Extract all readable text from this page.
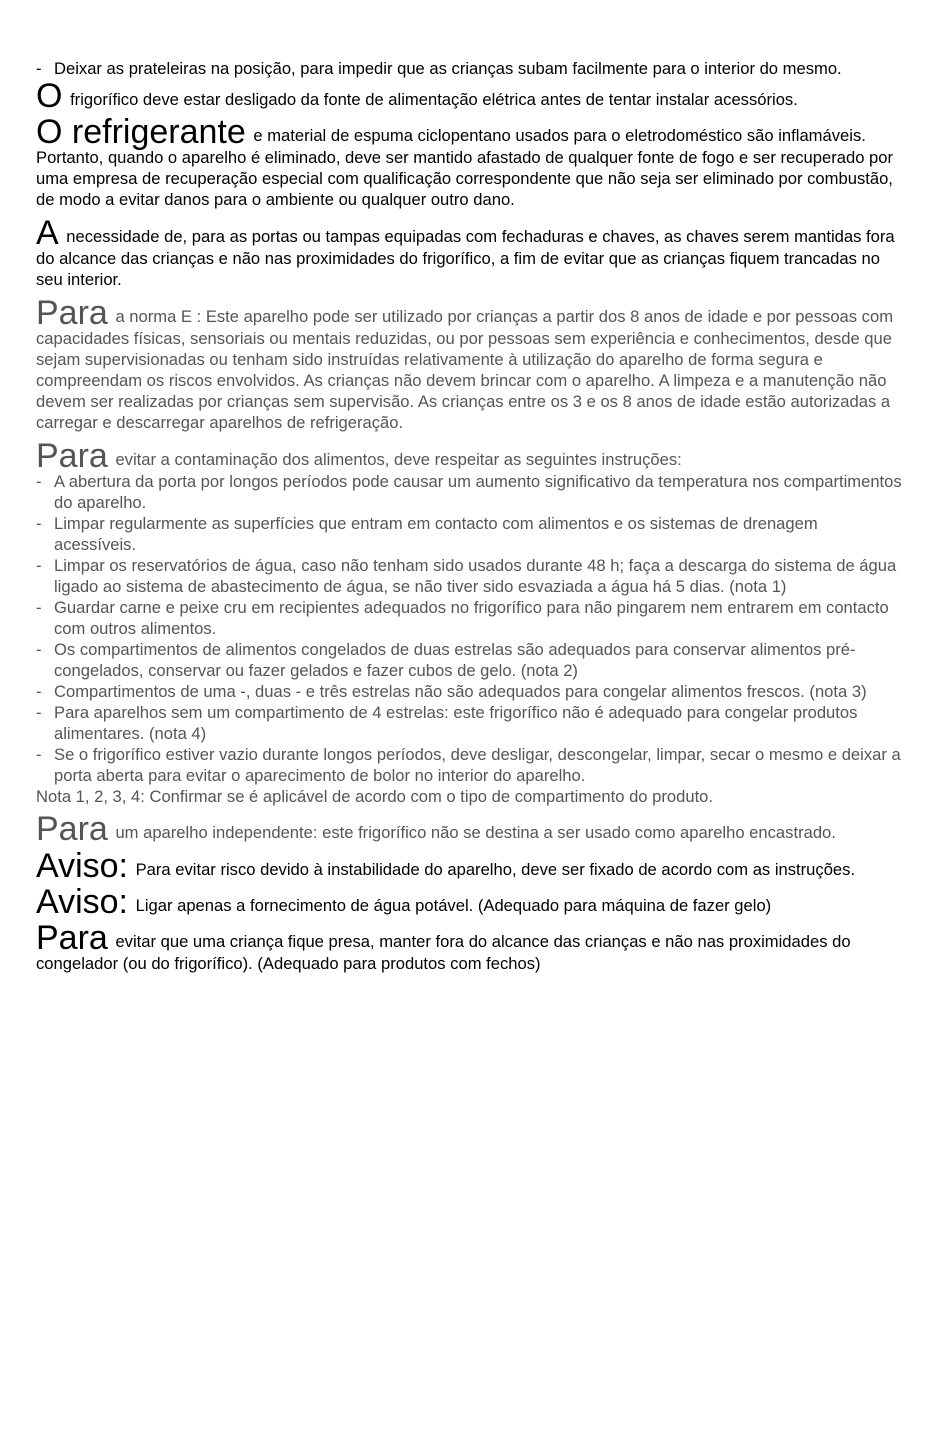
- Deixar as prateleiras na posição, para impedir que as crianças subam facilmente para o interior do mesmo.

O frigorífico deve estar desligado da fonte de alimentação elétrica antes de tentar instalar acessórios.

O refrigerante e material de espuma ciclopentano usados para o eletrodoméstico são inflamáveis. Portanto, quando o aparelho é eliminado, deve ser mantido afastado de qualquer fonte de fogo e ser recuperado por uma empresa de recuperação especial com qualificação correspondente que não seja ser eliminado por combustão, de modo a evitar danos para o ambiente ou qualquer outro dano.

A necessidade de, para as portas ou tampas equipadas com fechaduras e chaves, as chaves serem mantidas fora do alcance das crianças e não nas proximidades do frigorífico, a fim de evitar que as crianças fiquem trancadas no seu interior.

Para a norma E : Este aparelho pode ser utilizado por crianças a partir dos 8 anos de idade e por pessoas com capacidades físicas, sensoriais ou mentais reduzidas, ou por pessoas sem experiência e conhecimentos, desde que sejam supervisionadas ou tenham sido instruídas relativamente à utilização do aparelho de forma segura e compreendam os riscos envolvidos. As crianças não devem brincar com o aparelho. A limpeza e a manutenção não devem ser realizadas por crianças sem supervisão. As crianças entre os 3 e os 8 anos de idade estão autorizadas a carregar e descarregar aparelhos de refrigeração.

Para evitar a contaminação dos alimentos, deve respeitar as seguintes instruções:

- A abertura da porta por longos períodos pode causar um aumento significativo da temperatura nos compartimentos do aparelho.
- Limpar regularmente as superfícies que entram em contacto com alimentos e os sistemas de drenagem acessíveis.
- Limpar os reservatórios de água, caso não tenham sido usados durante 48 h; faça a descarga do sistema de água ligado ao sistema de abastecimento de água, se não tiver sido esvaziada a água há 5 dias. (nota 1)
- Guardar carne e peixe cru em recipientes adequados no frigorífico para não pingarem nem entrarem em contacto com outros alimentos.
- Os compartimentos de alimentos congelados de duas estrelas são adequados para conservar alimentos pré-congelados, conservar ou fazer gelados e fazer cubos de gelo. (nota 2)
- Compartimentos de uma -, duas - e três estrelas não são adequados para congelar alimentos frescos. (nota 3)
- Para aparelhos sem um compartimento de 4 estrelas: este frigorífico não é adequado para congelar produtos alimentares. (nota 4)
- Se o frigorífico estiver vazio durante longos períodos, deve desligar, descongelar, limpar, secar o mesmo e deixar a porta aberta para evitar o aparecimento de bolor no interior do aparelho.
Nota 1, 2, 3, 4: Confirmar se é aplicável de acordo com o tipo de compartimento do produto.

Para um aparelho independente: este frigorífico não se destina a ser usado como aparelho encastrado.

Aviso: Para evitar risco devido à instabilidade do aparelho, deve ser fixado de acordo com as instruções.

Aviso: Ligar apenas a fornecimento de água potável. (Adequado para máquina de fazer gelo)

Para evitar que uma criança fique presa, manter fora do alcance das crianças e não nas proximidades do congelador (ou do frigorífico). (Adequado para produtos com fechos)
